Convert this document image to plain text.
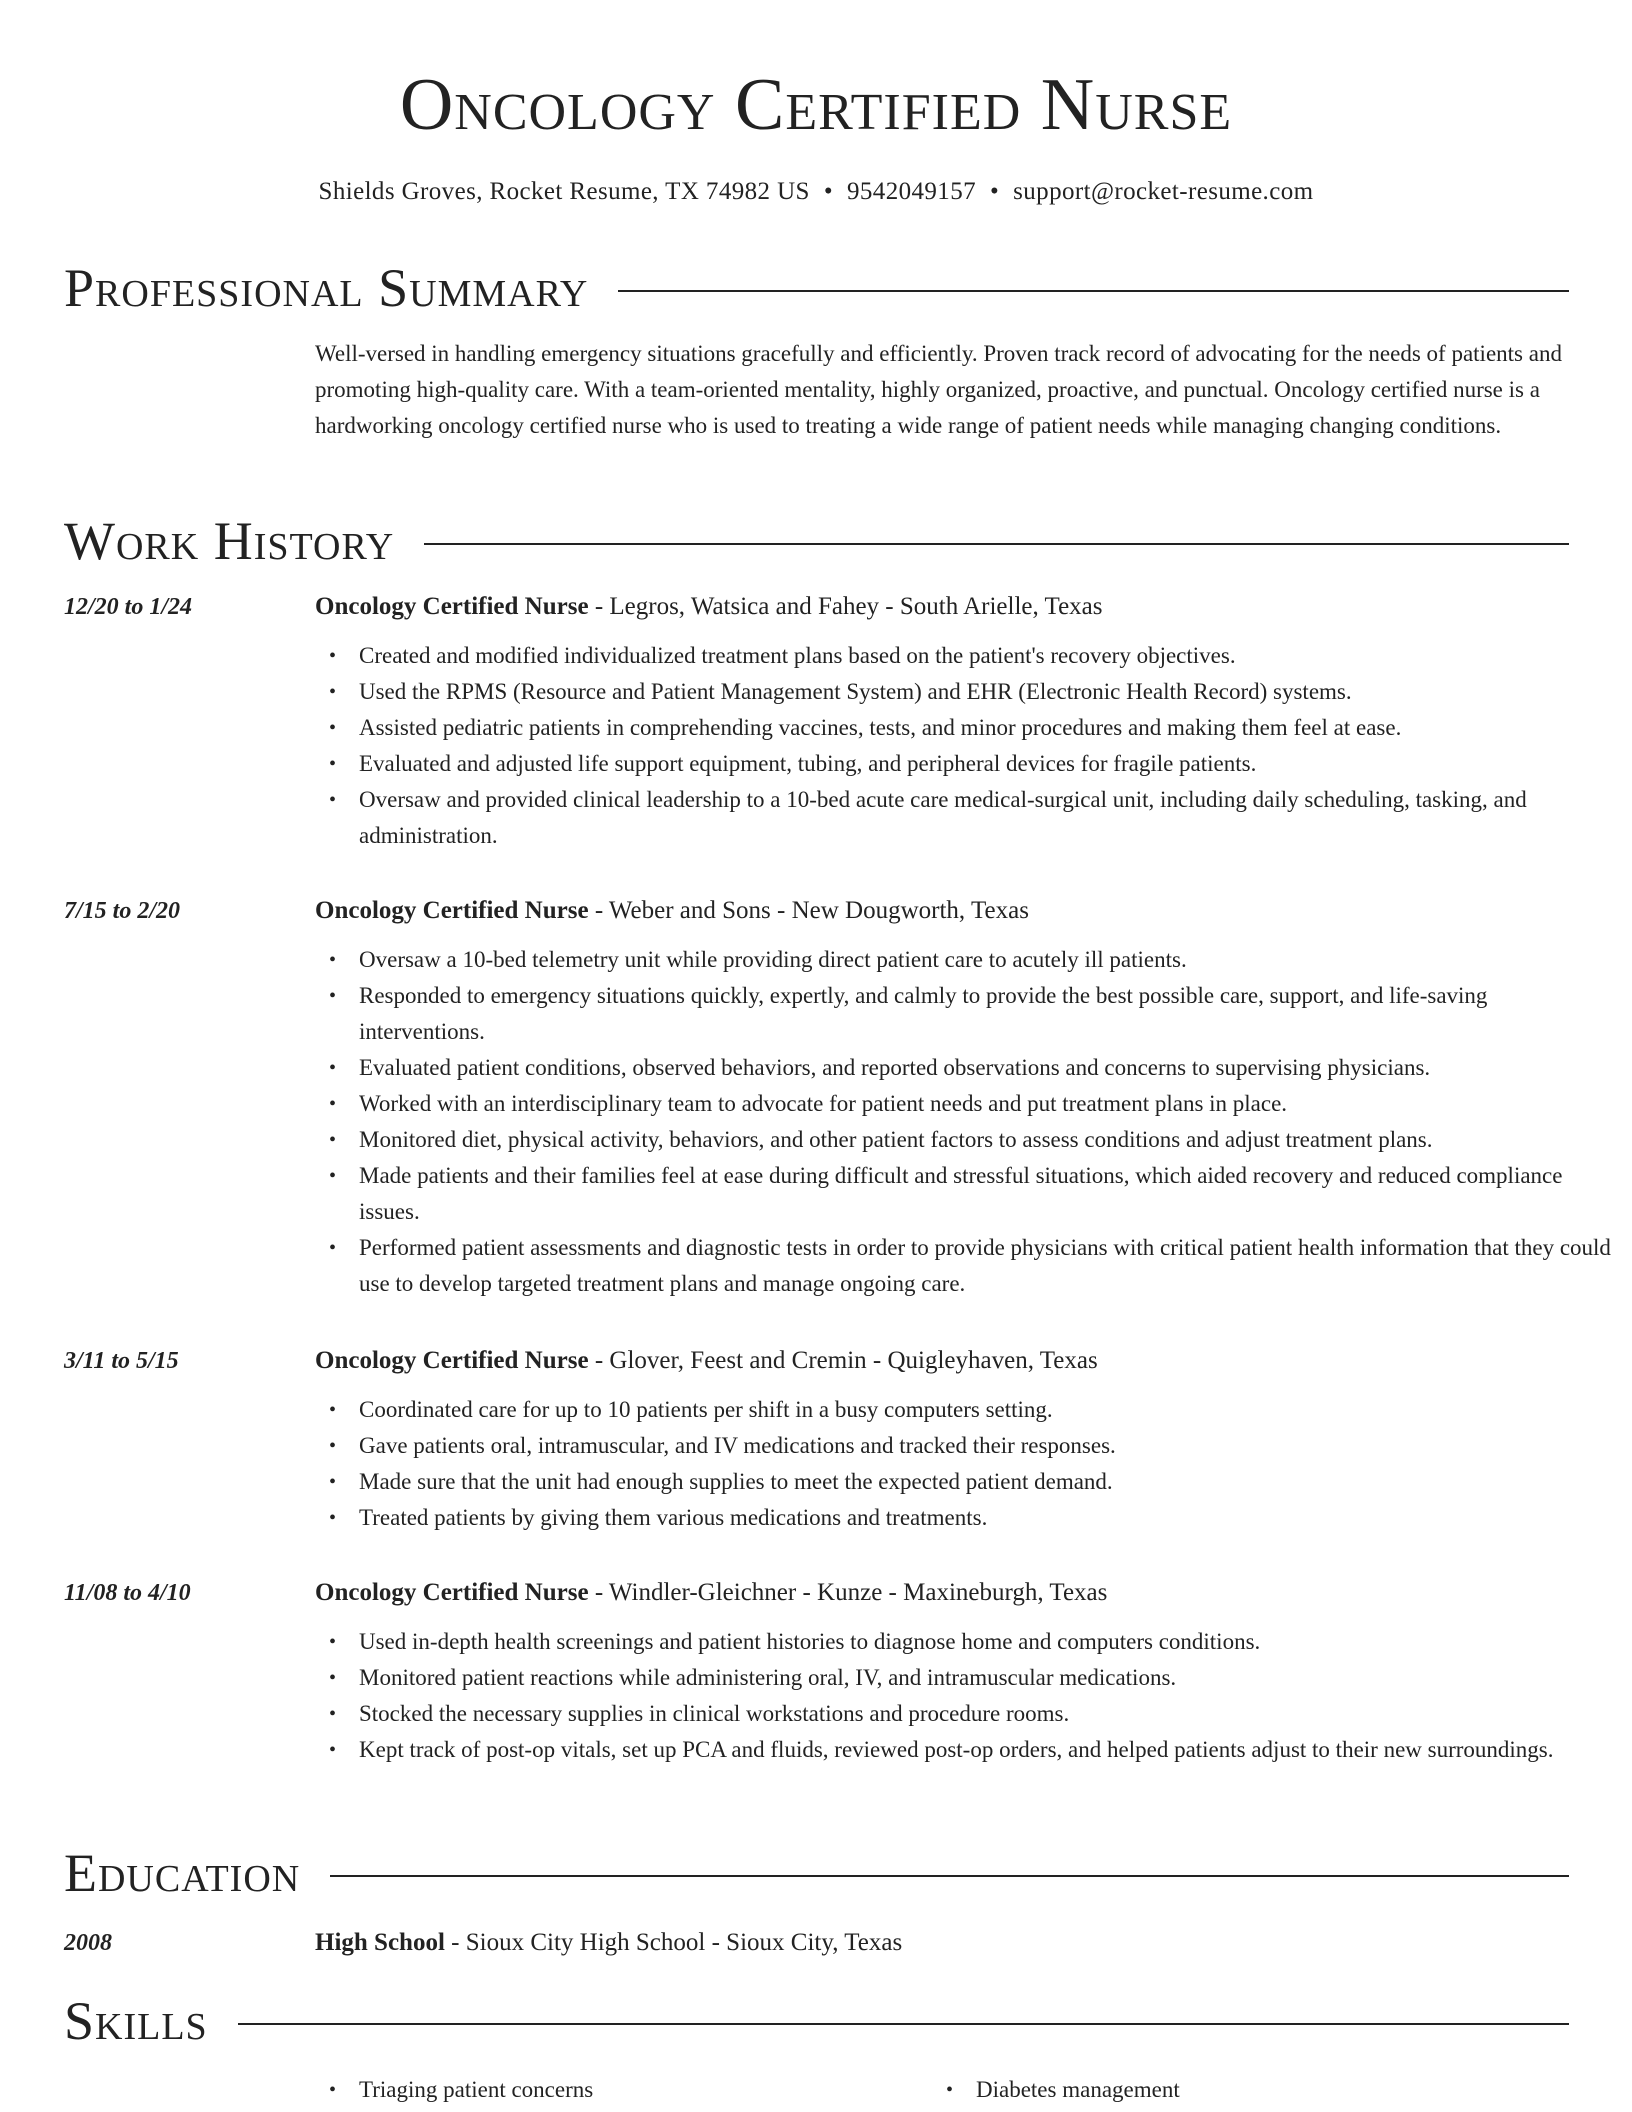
Oncology Certified Nurse
Shields Groves, Rocket Resume, TX 74982 US • 9542049157 • support@rocket-resume.com
Professional Summary

Well-versed in handling emergency situations gracefully and efficiently. Proven track record of advocating for the needs of patients and promoting high-quality care. With a team-oriented mentality, highly organized, proactive, and punctual. Oncology certified nurse is a hardworking oncology certified nurse who is used to treating a wide range of patient needs while managing changing conditions.

Work History
12/20 to 1/24	Oncology Certified Nurse - Legros, Watsica and Fahey - South Arielle, Texas
• Created and modified individualized treatment plans based on the patient's recovery objectives.
• Used the RPMS (Resource and Patient Management System) and EHR (Electronic Health Record) systems.
• Assisted pediatric patients in comprehending vaccines, tests, and minor procedures and making them feel at ease.
• Evaluated and adjusted life support equipment, tubing, and peripheral devices for fragile patients.
• Oversaw and provided clinical leadership to a 10-bed acute care medical-surgical unit, including daily scheduling, tasking, and administration.
7/15 to 2/20	Oncology Certified Nurse - Weber and Sons - New Dougworth, Texas
• Oversaw a 10-bed telemetry unit while providing direct patient care to acutely ill patients.
• Responded to emergency situations quickly, expertly, and calmly to provide the best possible care, support, and life-saving interventions.
• Evaluated patient conditions, observed behaviors, and reported observations and concerns to supervising physicians.
• Worked with an interdisciplinary team to advocate for patient needs and put treatment plans in place.
• Monitored diet, physical activity, behaviors, and other patient factors to assess conditions and adjust treatment plans.
• Made patients and their families feel at ease during difficult and stressful situations, which aided recovery and reduced compliance issues.
• Performed patient assessments and diagnostic tests in order to provide physicians with critical patient health information that they could use to develop targeted treatment plans and manage ongoing care.
3/11 to 5/15	Oncology Certified Nurse - Glover, Feest and Cremin - Quigleyhaven, Texas
• Coordinated care for up to 10 patients per shift in a busy computers setting.
• Gave patients oral, intramuscular, and IV medications and tracked their responses.
• Made sure that the unit had enough supplies to meet the expected patient demand.
• Treated patients by giving them various medications and treatments.
11/08 to 4/10	Oncology Certified Nurse - Windler-Gleichner - Kunze - Maxineburgh, Texas
• Used in-depth health screenings and patient histories to diagnose home and computers conditions.
• Monitored patient reactions while administering oral, IV, and intramuscular medications.
• Stocked the necessary supplies in clinical workstations and procedure rooms.
• Kept track of post-op vitals, set up PCA and fluids, reviewed post-op orders, and helped patients adjust to their new surroundings.
Education
2008	High School - Sioux City High School - Sioux City, Texas
Skills
• Triaging patient concerns
•	Diabetes management
